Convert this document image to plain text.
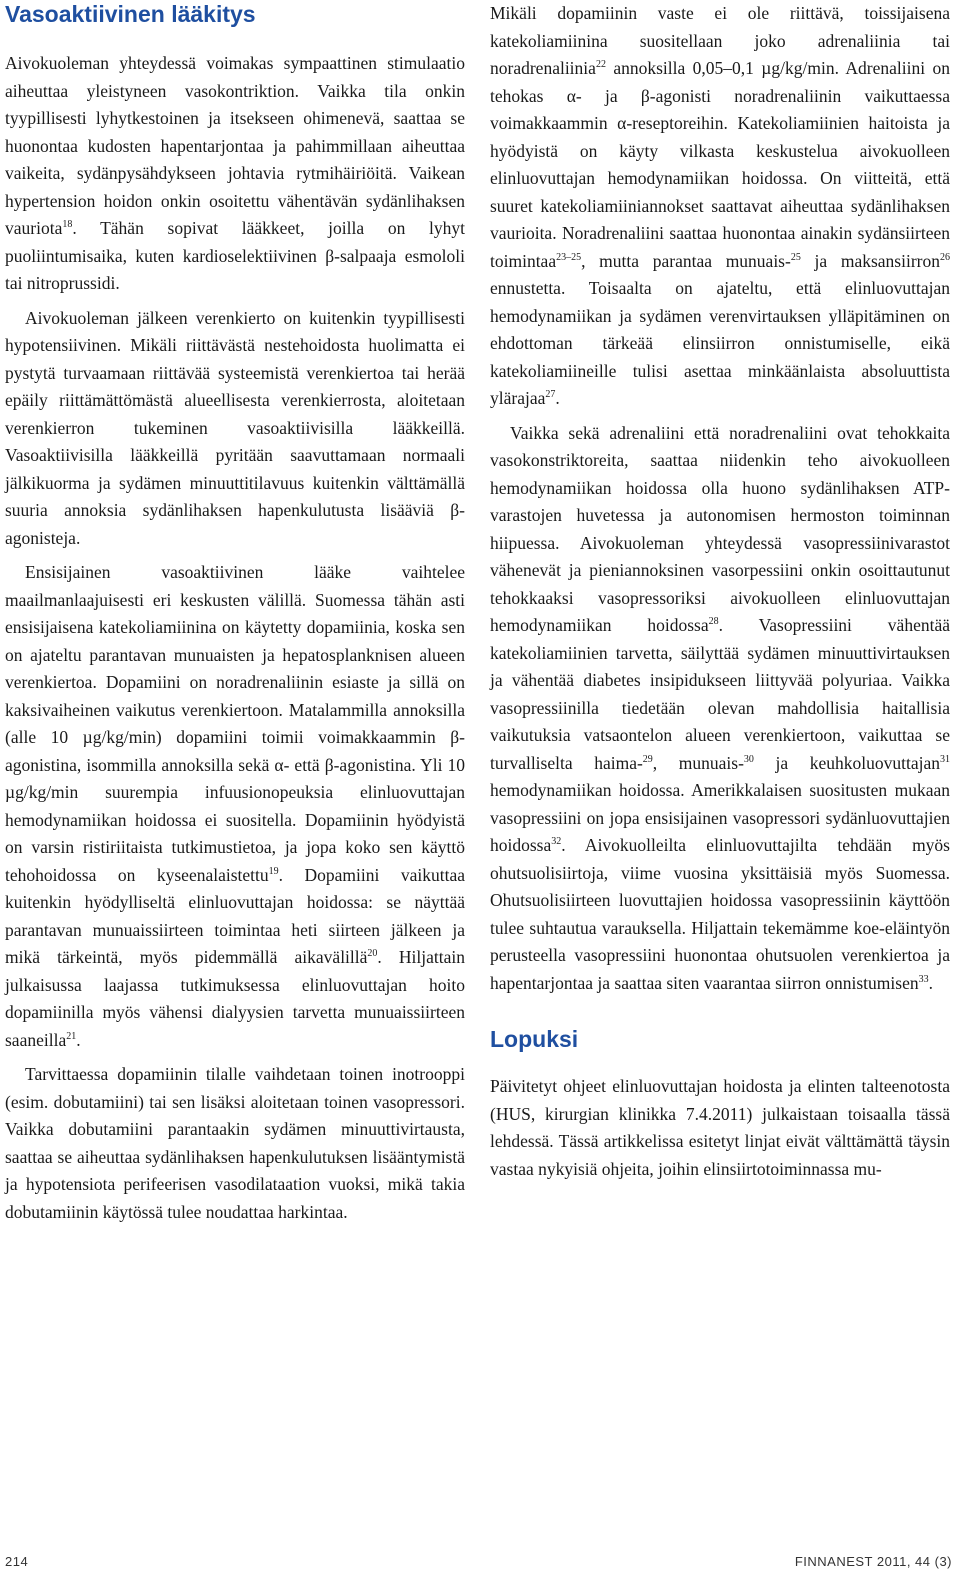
Vasoaktiivinen lääkitys

Aivokuoleman yhteydessä voimakas sympaattinen stimulaatio aiheuttaa yleistyneen vasokontriktion. Vaikka tila onkin tyypillisesti lyhytkestoinen ja itsekseen ohimenevä, saattaa se huonontaa kudosten hapentarjontaa ja pahimmillaan aiheuttaa vaikeita, sydänpysähdykseen johtavia rytmihäiriöitä. Vaikean hypertension hoidon onkin osoitettu vähentävän sydänlihaksen vauriota$^{18}$. Tähän sopivat lääkkeet, joilla on lyhyt puoliintumisaika, kuten kardioselektiivinen β-salpaaja esmololi tai nitroprussidi.

Aivokuoleman jälkeen verenkierto on kuitenkin tyypillisesti hypotensiivinen. Mikäli riittävästä nestehoidosta huolimatta ei pystytä turvaamaan riittävää systeemistä verenkiertoa tai herää epäily riittämättömästä alueellisesta verenkierrosta, aloitetaan verenkierron tukeminen vasoaktiivisilla lääkkeillä. Vasoaktiivisilla lääkkeillä pyritään saavuttamaan normaali jälkikuorma ja sydämen minuuttitilavuus kuitenkin välttämällä suuria annoksia sydänlihaksen hapenkulutusta lisääviä β-agonisteja.

Ensisijainen vasoaktiivinen lääke vaihtelee maailmanlaajuisesti eri keskusten välillä. Suomessa tähän asti ensisijaisena katekoliamiinina on käytetty dopamiinia, koska sen on ajateltu parantavan munuaisten ja hepatosplanknisen alueen verenkiertoa. Dopamiini on noradrenaliinin esiaste ja sillä on kaksivaiheinen vaikutus verenkiertoon. Matalammilla annoksilla (alle 10 µg/kg/min) dopamiini toimii voimakkaammin β-agonistina, isommilla annoksilla sekä α- että β-agonistina. Yli 10 µg/kg/min suurempia infuusionopeuksia elinluovuttajan hemodynamiikan hoidossa ei suositella. Dopamiinin hyödyistä on varsin ristiriitaista tutkimustietoa, ja jopa koko sen käyttö tehohoidossa on kyseenalaistettu$^{19}$. Dopamiini vaikuttaa kuitenkin hyödylliseltä elinluovuttajan hoidossa: se näyttää parantavan munuaissiirteen toimintaa heti siirteen jälkeen ja mikä tärkeintä, myös pidemmällä aikavälillä$^{20}$. Hiljattain julkaisussa laajassa tutkimuksessa elinluovuttajan hoito dopamiinilla myös vähensi dialyysien tarvetta munuaissiirteen saaneilla$^{21}$.

Tarvittaessa dopamiinin tilalle vaihdetaan toinen inotrooppi (esim. dobutamiini) tai sen lisäksi aloitetaan toinen vasopressori. Vaikka dobutamiini parantaakin sydämen minuuttivirtausta, saattaa se aiheuttaa sydänlihaksen hapenkulutuksen lisääntymistä ja hypotensiota perifeerisen vasodilataation vuoksi, mikä takia dobutamiinin käytössä tulee noudattaa harkintaa.

Mikäli dopamiinin vaste ei ole riittävä, toissijaisena katekoliamiinina suositellaan joko adrenaliinia tai noradrenaliinia$^{22}$ annoksilla 0,05–0,1 µg/kg/min. Adrenaliini on tehokas α- ja β-agonisti noradrenaliinin vaikuttaessa voimakkaammin α-reseptoreihin. Katekoliamiinien haitoista ja hyödyistä on käyty vilkasta keskustelua aivokuolleen elinluovuttajan hemodynamiikan hoidossa. On viitteitä, että suuret katekoliamiiniannokset saattavat aiheuttaa sydänlihaksen vaurioita. Noradrenaliini saattaa huonontaa ainakin sydänsiirteen toimintaa$^{23-25}$, mutta parantaa munuais-$^{25}$ ja maksansiirron$^{26}$ ennustetta. Toisaalta on ajateltu, että elinluovuttajan hemodynamiikan ja sydämen verenvirtauksen ylläpitäminen on ehdottoman tärkeää elinsiirron onnistumiselle, eikä katekoliamiineille tulisi asettaa minkäänlaista absoluuttista ylärajaa$^{27}$.

Vaikka sekä adrenaliini että noradrenaliini ovat tehokkaita vasokonstriktoreita, saattaa niidenkin teho aivokuolleen hemodynamiikan hoidossa olla huono sydänlihaksen ATP-varastojen huvetessa ja autonomisen hermoston toiminnan hiipuessa. Aivokuoleman yhteydessä vasopressiinivarastot vähenevät ja pieniannoksinen vasorpessiini onkin osoittautunut tehokkaaksi vasopressoriksi aivokuolleen elinluovuttajan hemodynamiikan hoidossa$^{28}$. Vasopressiini vähentää katekoliamiinien tarvetta, säilyttää sydämen minuuttivirtauksen ja vähentää diabetes insipidukseen liittyvää polyuriaa. Vaikka vasopressiinilla tiedetään olevan mahdollisia haitallisia vaikutuksia vatsaontelon alueen verenkiertoon, vaikuttaa se turvalliselta haima-$^{29}$, munuais-$^{30}$ ja keuhkoluovuttajan$^{31}$ hemodynamiikan hoidossa. Amerikkalaisen suositusten mukaan vasopressiini on jopa ensisijainen vasopressori sydänluovuttajien hoidossa$^{32}$. Aivokuolleilta elinluovuttajilta tehdään myös ohutsuolisiirtoja, viime vuosina yksittäisiä myös Suomessa. Ohutsuolisiirteen luovuttajien hoidossa vasopressiinin käyttöön tulee suhtautua varauksella. Hiljattain tekemämme koe-eläintyön perusteella vasopressiini huonontaa ohutsuolen verenkiertoa ja hapentarjontaa ja saattaa siten vaarantaa siirron onnistumisen$^{33}$.

Lopuksi

Päivitetyt ohjeet elinluovuttajan hoidosta ja elinten talteenotosta (HUS, kirurgian klinikka 7.4.2011) julkaistaan toisaalla tässä lehdessä. Tässä artikkelissa esitetyt linjat eivät välttämättä täysin vastaa nykyisiä ohjeita, joihin elinsiirtotoiminnassa mu-

214	FINNANEST 2011, 44 (3)
